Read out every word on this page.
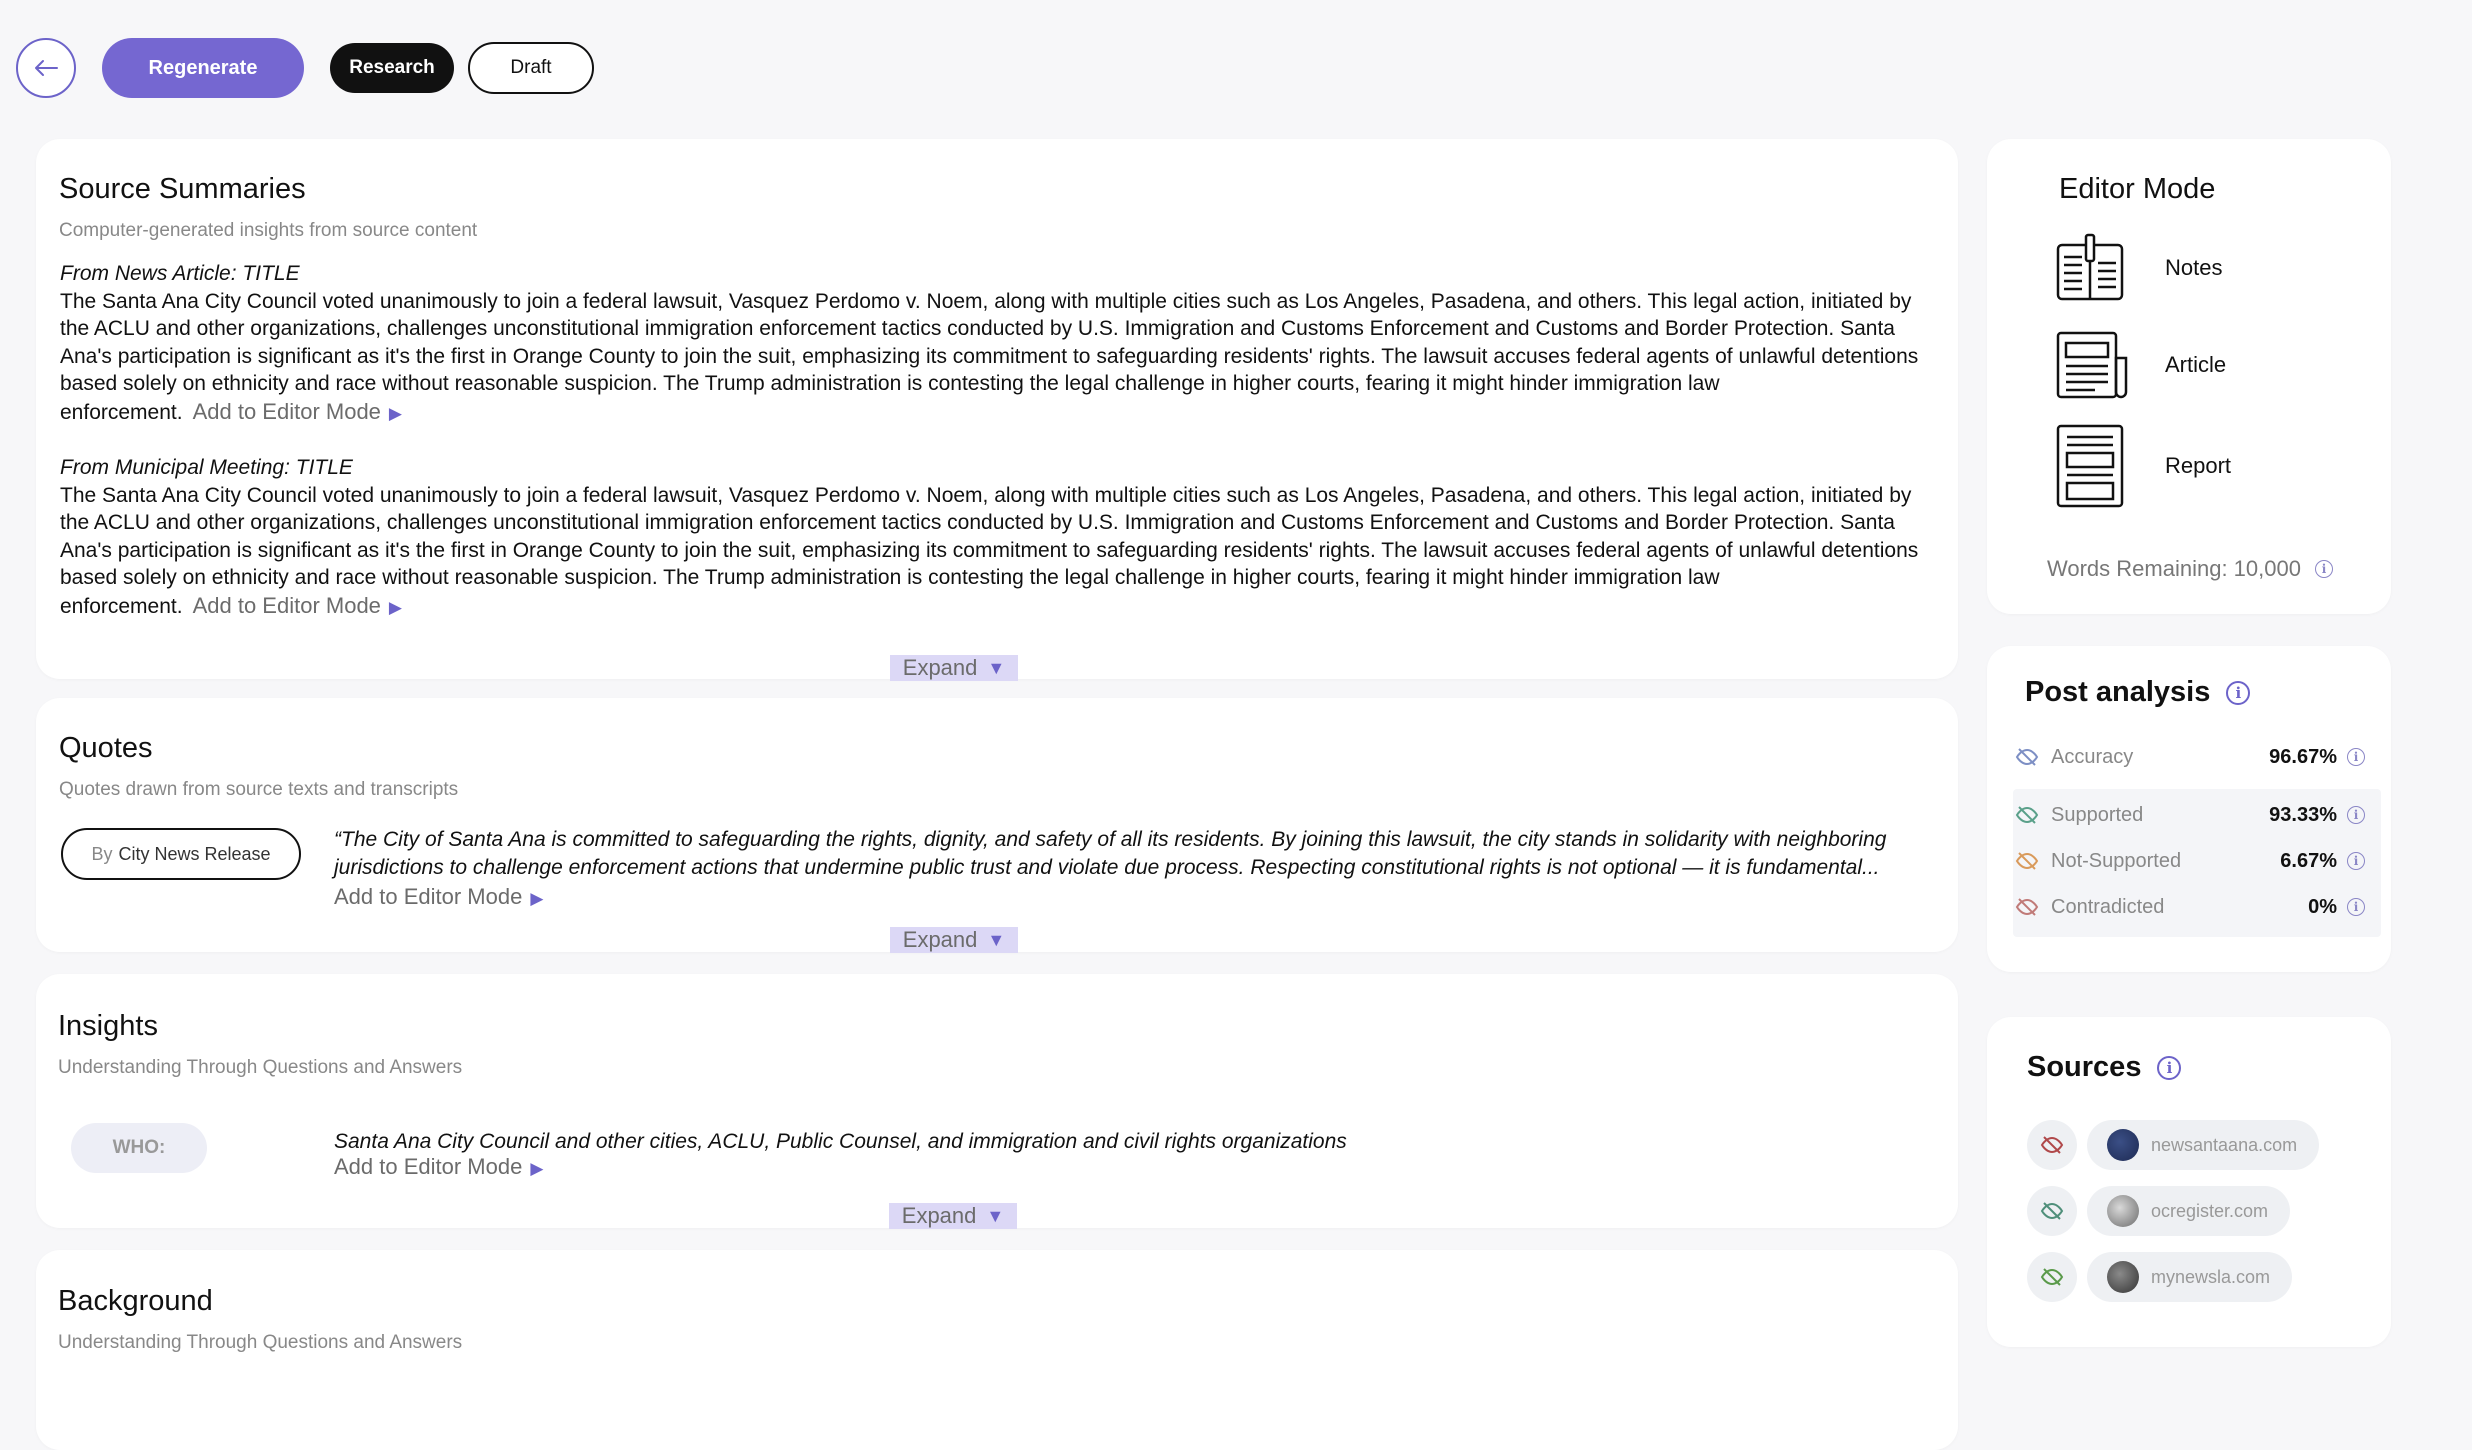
Regenerate	Research	Draft
Source Summaries
Computer-generated insights from source content
From News Article: TITLE
The Santa Ana City Council voted unanimously to join a federal lawsuit, Vasquez Perdomo v. Noem, along with multiple cities such as Los Angeles, Pasadena, and others. This legal action, initiated by the ACLU and other organizations, challenges unconstitutional immigration enforcement tactics conducted by U.S. Immigration and Customs Enforcement and Customs and Border Protection. Santa Ana's participation is significant as it's the first in Orange County to join the suit, emphasizing its commitment to safeguarding residents' rights. The lawsuit accuses federal agents of unlawful detentions based solely on ethnicity and race without reasonable suspicion. The Trump administration is contesting the legal challenge in higher courts, fearing it might hinder immigration law enforcement. Add to Editor Mode ▶
From Municipal Meeting: TITLE
The Santa Ana City Council voted unanimously to join a federal lawsuit, Vasquez Perdomo v. Noem, along with multiple cities such as Los Angeles, Pasadena, and others. This legal action, initiated by the ACLU and other organizations, challenges unconstitutional immigration enforcement tactics conducted by U.S. Immigration and Customs Enforcement and Customs and Border Protection. Santa Ana's participation is significant as it's the first in Orange County to join the suit, emphasizing its commitment to safeguarding residents' rights. The lawsuit accuses federal agents of unlawful detentions based solely on ethnicity and race without reasonable suspicion. The Trump administration is contesting the legal challenge in higher courts, fearing it might hinder immigration law enforcement. Add to Editor Mode ▶
Expand ▼
Quotes
Quotes drawn from source texts and transcripts
By City News Release
“The City of Santa Ana is committed to safeguarding the rights, dignity, and safety of all its residents. By joining this lawsuit, the city stands in solidarity with neighboring
jurisdictions to challenge enforcement actions that undermine public trust and violate due process. Respecting constitutional rights is not optional — it is fundamental...
Add to Editor Mode ▶
Expand ▼
Insights
Understanding Through Questions and Answers
WHO:	Santa Ana City Council and other cities, ACLU, Public Counsel, and immigration and civil rights organizations
Add to Editor Mode ▶
Expand ▼
Background
Understanding Through Questions and Answers
Editor Mode
Notes
Article
Report
Words Remaining: 10,000	i
Post analysis	i
Accuracy	96.67%	i
Supported	93.33%	i
Not-Supported	6.67%	i
Contradicted	0%	i
Sources	i
newsantaana.com
ocregister.com
mynewsla.com
